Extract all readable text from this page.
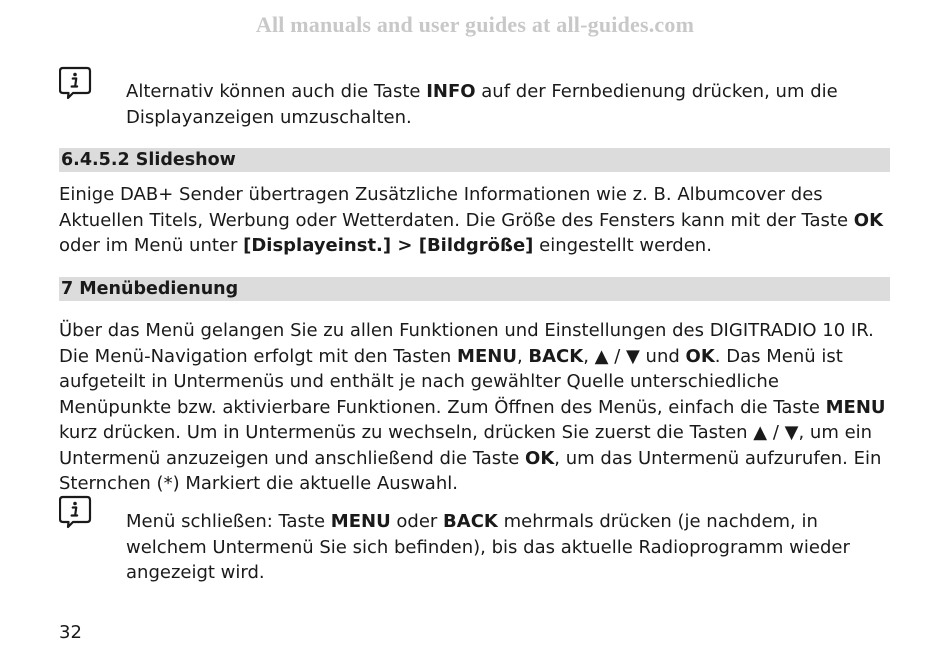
All manuals and user guides at all-guides.com

Alternativ können auch die Taste INFO auf der Fernbedienung drücken, um die Displayanzeigen umzuschalten.

6.4.5.2 Slideshow

Einige DAB+ Sender übertragen Zusätzliche Informationen wie z. B. Albumcover des Aktuellen Titels, Werbung oder Wetterdaten. Die Größe des Fensters kann mit der Taste OK oder im Menü unter [Displayeinst.] > [Bildgröße] eingestellt werden.

7 Menübedienung

Über das Menü gelangen Sie zu allen Funktionen und Einstellungen des DIGITRADIO 10 IR. Die Menü-Navigation erfolgt mit den Tasten MENU, BACK, ▲ / ▼ und OK. Das Menü ist aufgeteilt in Untermenüs und enthält je nach gewählter Quelle unterschiedliche Menüpunkte bzw. aktivierbare Funktionen. Zum Öffnen des Menüs, einfach die Taste MENU kurz drücken. Um in Untermenüs zu wechseln, drücken Sie zuerst die Tasten ▲ / ▼, um ein Untermenü anzuzeigen und anschließend die Taste OK, um das Untermenü aufzurufen. Ein Sternchen (*) Markiert die aktuelle Auswahl.

Menü schließen: Taste MENU oder BACK mehrmals drücken (je nachdem, in welchem Untermenü Sie sich befinden), bis das aktuelle Radioprogramm wieder angezeigt wird.

32
